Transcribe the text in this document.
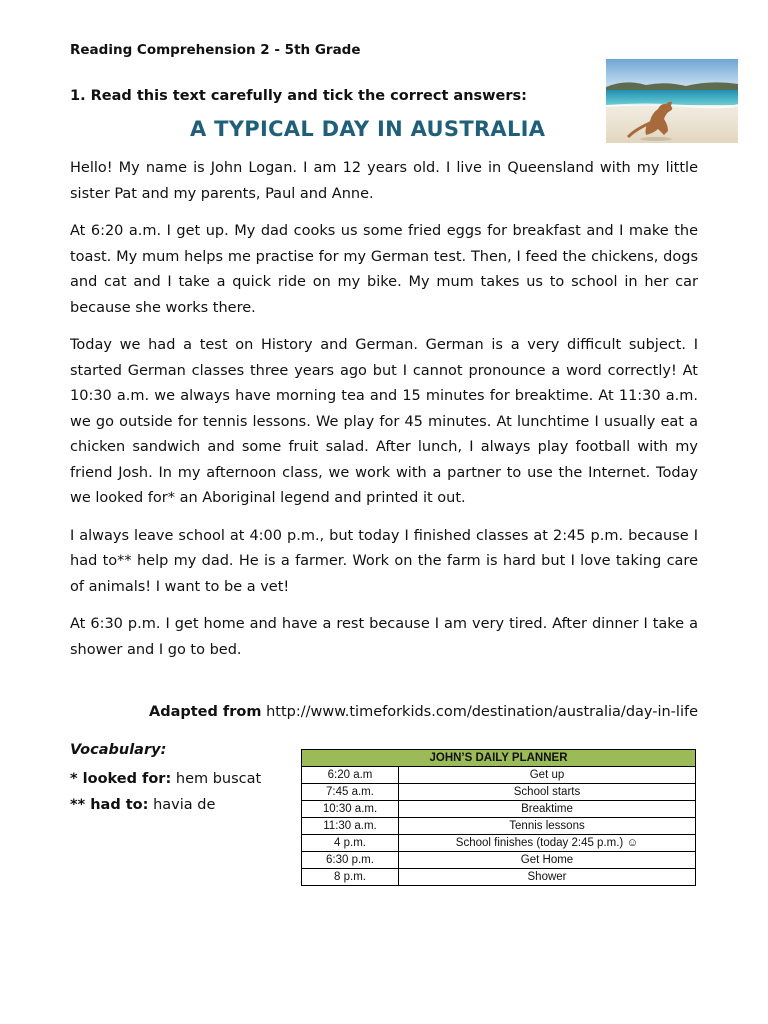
Reading Comprehension 2 - 5th Grade
1. Read this text carefully and tick the correct answers:
A TYPICAL DAY IN AUSTRALIA

Hello! My name is John Logan. I am 12 years old. I live in Queensland with my little sister Pat and my parents, Paul and Anne.

At 6:20 a.m. I get up. My dad cooks us some fried eggs for breakfast and I make the toast. My mum helps me practise for my German test. Then, I feed the chickens, dogs and cat and I take a quick ride on my bike. My mum takes us to school in her car because she works there.

Today we had a test on History and German. German is a very difficult subject. I started German classes three years ago but I cannot pronounce a word correctly! At 10:30 a.m. we always have morning tea and 15 minutes for breaktime. At 11:30 a.m. we go outside for tennis lessons. We play for 45 minutes. At lunchtime I usually eat a chicken sandwich and some fruit salad. After lunch, I always play football with my friend Josh. In my afternoon class, we work with a partner to use the Internet. Today we looked for* an Aboriginal legend and printed it out.

I always leave school at 4:00 p.m., but today I finished classes at 2:45 p.m. because I had to** help my dad. He is a farmer. Work on the farm is hard but I love taking care of animals! I want to be a vet!

At 6:30 p.m. I get home and have a rest because I am very tired. After dinner I take a shower and I go to bed.

Adapted from http://www.timeforkids.com/destination/australia/day-in-life
Vocabulary:
* looked for: hem buscat
** had to: havia de
JOHN’S DAILY PLANNER	
6:20 a.m	Get up
7:45 a.m.	School starts
10:30 a.m.	Breaktime
11:30 a.m.	Tennis lessons
4 p.m.	School finishes (today 2:45 p.m.) ☺
6:30 p.m.	Get Home
8 p.m.	Shower
